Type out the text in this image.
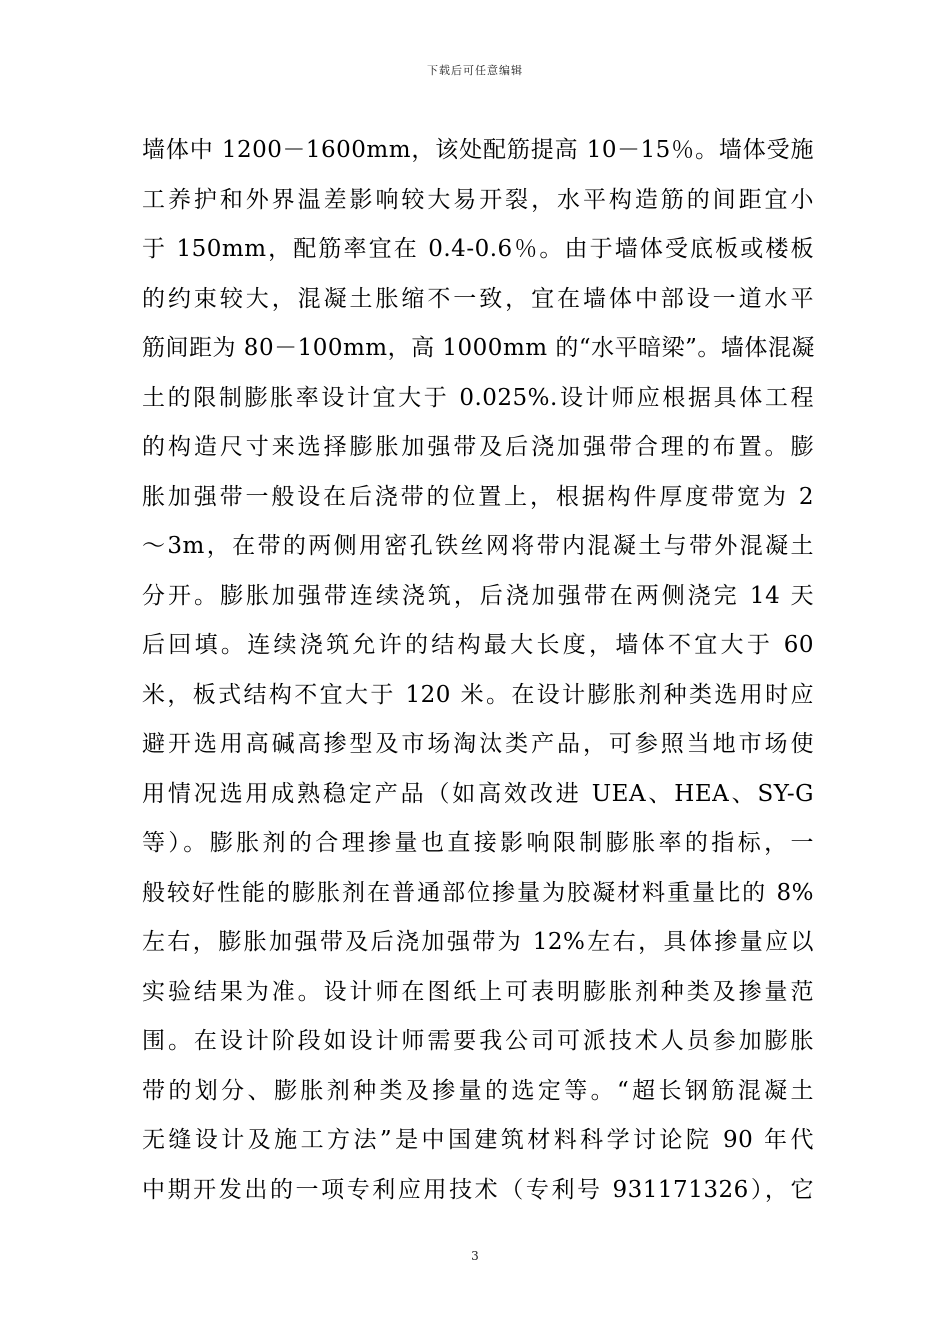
下载后可任意编辑
墙体中 1200－1600mm，该处配筋提高 10－15％。墙体受施
工养护和外界温差影响较大易开裂，水平构造筋的间距宜小
于 150mm，配筋率宜在 0.4-0.6％。由于墙体受底板或楼板
的约束较大，混凝土胀缩不一致，宜在墙体中部设一道水平
筋间距为 80－100mm，高 1000mm 的“水平暗梁”。墙体混凝
土的限制膨胀率设计宜大于 0.025%.设计师应根据具体工程
的构造尺寸来选择膨胀加强带及后浇加强带合理的布置。膨
胀加强带一般设在后浇带的位置上，根据构件厚度带宽为 2
～3m，在带的两侧用密孔铁丝网将带内混凝土与带外混凝土
分开。膨胀加强带连续浇筑，后浇加强带在两侧浇完 14 天
后回填。连续浇筑允许的结构最大长度，墙体不宜大于 60
米，板式结构不宜大于 120 米。在设计膨胀剂种类选用时应
避开选用高碱高掺型及市场淘汰类产品，可参照当地市场使
用情况选用成熟稳定产品（如高效改进 UEA、HEA、SY-G
等）。膨胀剂的合理掺量也直接影响限制膨胀率的指标，一
般较好性能的膨胀剂在普通部位掺量为胶凝材料重量比的 8%
左右，膨胀加强带及后浇加强带为 12%左右，具体掺量应以
实验结果为准。设计师在图纸上可表明膨胀剂种类及掺量范
围。在设计阶段如设计师需要我公司可派技术人员参加膨胀
带的划分、膨胀剂种类及掺量的选定等。“超长钢筋混凝土
无缝设计及施工方法”是中国建筑材料科学讨论院 90 年代
中期开发出的一项专利应用技术（专利号 931171326），它
3
